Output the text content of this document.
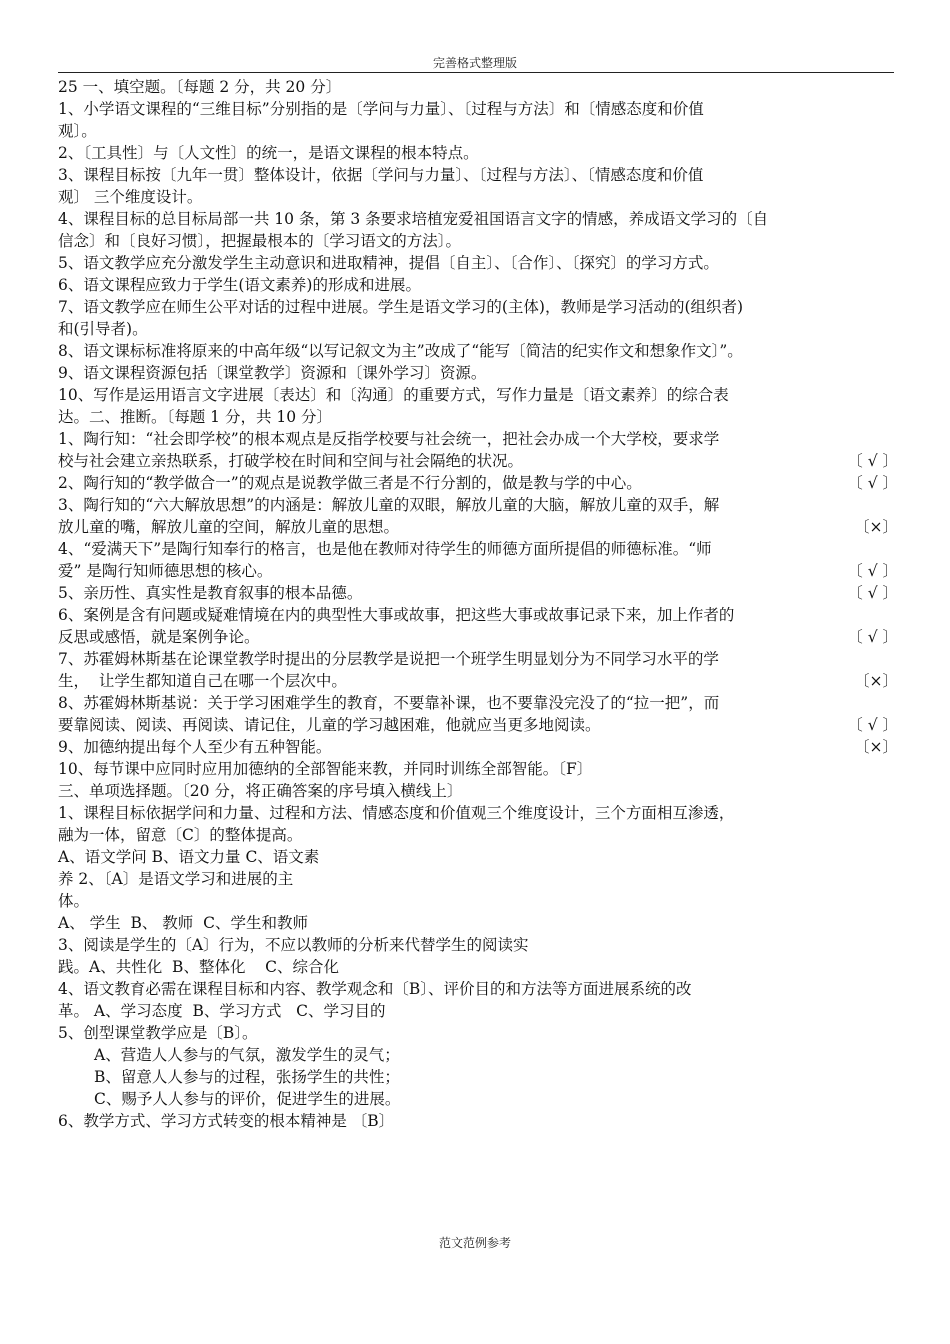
完善格式整理版

25 一、填空题。〔每题 2 分，共 20 分〕

1、小学语文课程的“三维目标”分别指的是〔学问与力量〕、〔过程与方法〕和〔情感态度和价值

观〕。

2、〔工具性〕与〔人文性〕的统一，是语文课程的根本特点。

3、课程目标按〔九年一贯〕整体设计，依据〔学问与力量〕、〔过程与方法〕、〔情感态度和价值

观〕 三个维度设计。

4、课程目标的总目标局部一共 10 条，第 3 条要求培植宠爱祖国语言文字的情感，养成语文学习的〔自

信念〕和〔良好习惯〕，把握最根本的〔学习语文的方法〕。

5、语文教学应充分激发学生主动意识和进取精神，提倡〔自主〕、〔合作〕、〔探究〕的学习方式。

6、语文课程应致力于学生(语文素养)的形成和进展。

7、语文教学应在师生公平对话的过程中进展。学生是语文学习的(主体)，教师是学习活动的(组织者)

和(引导者)。

8、语文课标标准将原来的中高年级“以写记叙文为主”改成了“能写〔简洁的纪实作文和想象作文〕”。

9、语文课程资源包括〔课堂教学〕资源和〔课外学习〕资源。

10、写作是运用语言文字进展〔表达〕和〔沟通〕的重要方式，写作力量是〔语文素养〕的综合表

达。二、推断。〔每题 1 分，共 10 分〕

1、陶行知：“社会即学校”的根本观点是反指学校要与社会统一，把社会办成一个大学校，要求学

校与社会建立亲热联系，打破学校在时间和空间与社会隔绝的状况。	〔 √ 〕

2、陶行知的“教学做合一”的观点是说教学做三者是不行分割的，做是教与学的中心。	〔 √ 〕

3、陶行知的“六大解放思想”的内涵是：解放儿童的双眼，解放儿童的大脑，解放儿童的双手，解

放儿童的嘴，解放儿童的空间，解放儿童的思想。	〔×〕

4、“爱满天下”是陶行知奉行的格言，也是他在教师对待学生的师德方面所提倡的师德标准。“师

爱” 是陶行知师德思想的核心。	〔 √ 〕

5、亲历性、真实性是教育叙事的根本品德。	〔 √ 〕

6、案例是含有问题或疑难情境在内的典型性大事或故事，把这些大事或故事记录下来，加上作者的

反思或感悟，就是案例争论。	〔 √ 〕

7、苏霍姆林斯基在论课堂教学时提出的分层教学是说把一个班学生明显划分为不同学习水平的学

生，  让学生都知道自己在哪一个层次中。	〔×〕

8、苏霍姆林斯基说：关于学习困难学生的教育，不要靠补课，也不要靠没完没了的“拉一把”，而

要靠阅读、阅读、再阅读、请记住，儿童的学习越困难，他就应当更多地阅读。	〔 √ 〕

9、加德纳提出每个人至少有五种智能。	〔×〕

10、每节课中应同时应用加德纳的全部智能来教，并同时训练全部智能。〔F〕

三、单项选择题。〔20 分，将正确答案的序号填入横线上〕

1、课程目标依据学问和力量、过程和方法、情感态度和价值观三个维度设计，三个方面相互渗透，

融为一体，留意〔C〕的整体提高。

A、语文学问 B、语文力量 C、语文素

养 2、〔A〕是语文学习和进展的主

体。

A、 学生  B、 教师  C、学生和教师

3、阅读是学生的〔A〕行为，不应以教师的分析来代替学生的阅读实

践。A、共性化  B、整体化    C、综合化

4、语文教育必需在课程目标和内容、教学观念和〔B〕、评价目的和方法等方面进展系统的改

革。 A、学习态度  B、学习方式   C、学习目的

5、创型课堂教学应是〔B〕。

A、营造人人参与的气氛，激发学生的灵气；

B、留意人人参与的过程，张扬学生的共性；

C、赐予人人参与的评价，促进学生的进展。

6、教学方式、学习方式转变的根本精神是 〔B〕

范文范例参考
